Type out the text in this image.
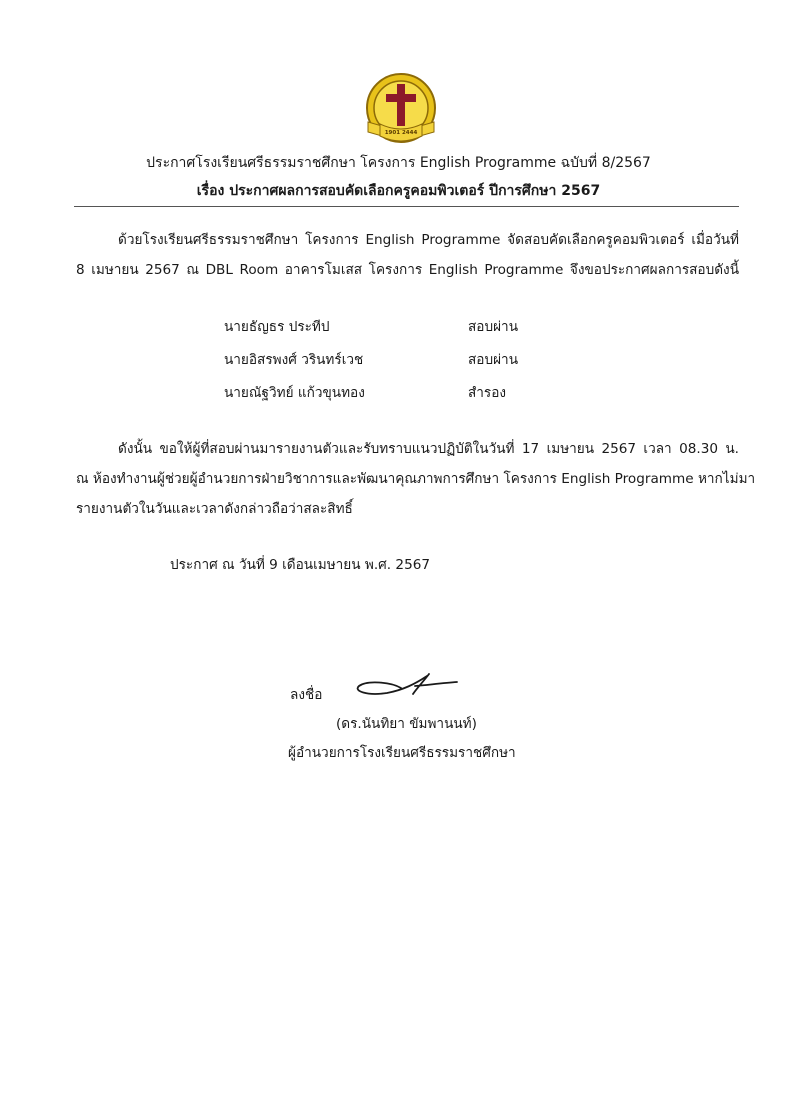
1901 2444
ประกาศโรงเรียนศรีธรรมราชศึกษา โครงการ English Programme ฉบับที่ 8/2567
เรื่อง ประกาศผลการสอบคัดเลือกครูคอมพิวเตอร์ ปีการศึกษา 2567
ด้วยโรงเรียนศรีธรรมราชศึกษา โครงการ English Programme จัดสอบคัดเลือกครูคอมพิวเตอร์ เมื่อวันที่
8 เมษายน 2567 ณ DBL Room อาคารโมเสส โครงการ English Programme จึงขอประกาศผลการสอบดังนี้
นายธัญธร ประทีป	สอบผ่าน
นายอิสรพงศ์ วรินทร์เวช	สอบผ่าน
นายณัฐวิทย์ แก้วขุนทอง	สำรอง
ดังนั้น ขอให้ผู้ที่สอบผ่านมารายงานตัวและรับทราบแนวปฏิบัติในวันที่ 17 เมษายน 2567 เวลา 08.30 น.
ณ ห้องทำงานผู้ช่วยผู้อำนวยการฝ่ายวิชาการและพัฒนาคุณภาพการศึกษา โครงการ English Programme หากไม่มา
รายงานตัวในวันและเวลาดังกล่าวถือว่าสละสิทธิ์
ประกาศ ณ วันที่ 9 เดือนเมษายน พ.ศ. 2567
ลงชื่อ
(ดร.นันทิยา ขัมพานนท์)
ผู้อำนวยการโรงเรียนศรีธรรมราชศึกษา
